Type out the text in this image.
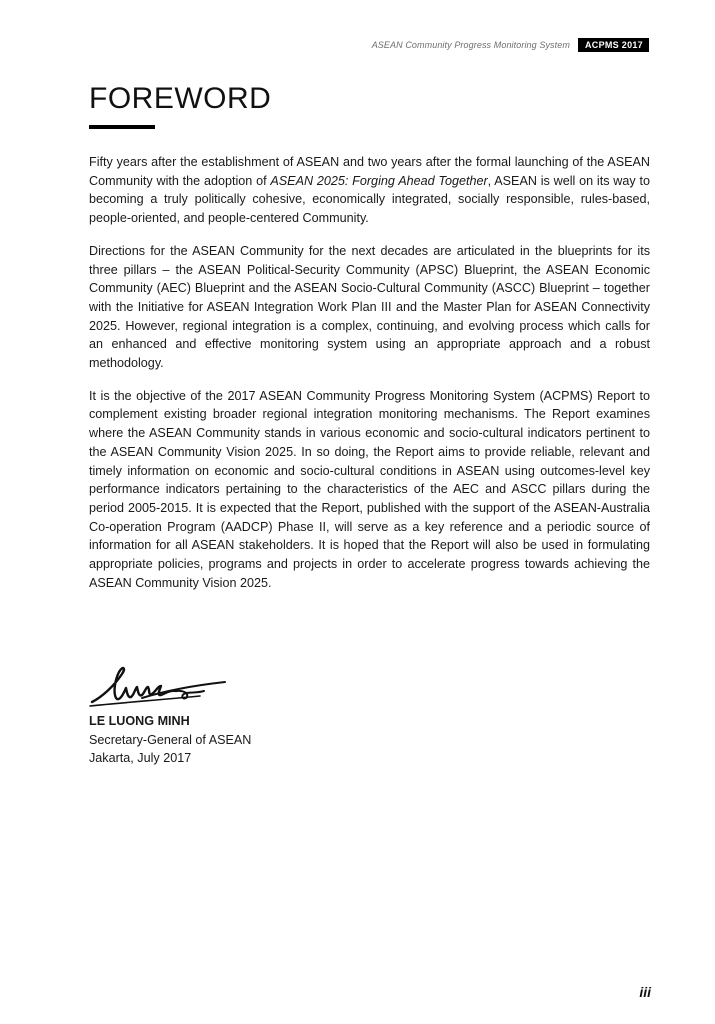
ASEAN Community Progress Monitoring System	ACPMS 2017
FOREWORD

Fifty years after the establishment of ASEAN and two years after the formal launching of the ASEAN Community with the adoption of ASEAN 2025: Forging Ahead Together, ASEAN is well on its way to becoming a truly politically cohesive, economically integrated, socially responsible, rules-based, people-oriented, and people-centered Community.

Directions for the ASEAN Community for the next decades are articulated in the blueprints for its three pillars – the ASEAN Political-Security Community (APSC) Blueprint, the ASEAN Economic Community (AEC) Blueprint and the ASEAN Socio-Cultural Community (ASCC) Blueprint – together with the Initiative for ASEAN Integration Work Plan III and the Master Plan for ASEAN Connectivity 2025. However, regional integration is a complex, continuing, and evolving process which calls for an enhanced and effective monitoring system using an appropriate approach and a robust methodology.

It is the objective of the 2017 ASEAN Community Progress Monitoring System (ACPMS) Report to complement existing broader regional integration monitoring mechanisms. The Report examines where the ASEAN Community stands in various economic and socio-cultural indicators pertinent to the ASEAN Community Vision 2025. In so doing, the Report aims to provide reliable, relevant and timely information on economic and socio-cultural conditions in ASEAN using outcomes-level key performance indicators pertaining to the characteristics of the AEC and ASCC pillars during the period 2005-2015. It is expected that the Report, published with the support of the ASEAN-Australia Co-operation Program (AADCP) Phase II, will serve as a key reference and a periodic source of information for all ASEAN stakeholders. It is hoped that the Report will also be used in formulating appropriate policies, programs and projects in order to accelerate progress towards achieving the ASEAN Community Vision 2025.

LE LUONG MINH
Secretary-General of ASEAN
Jakarta, July 2017
iii
